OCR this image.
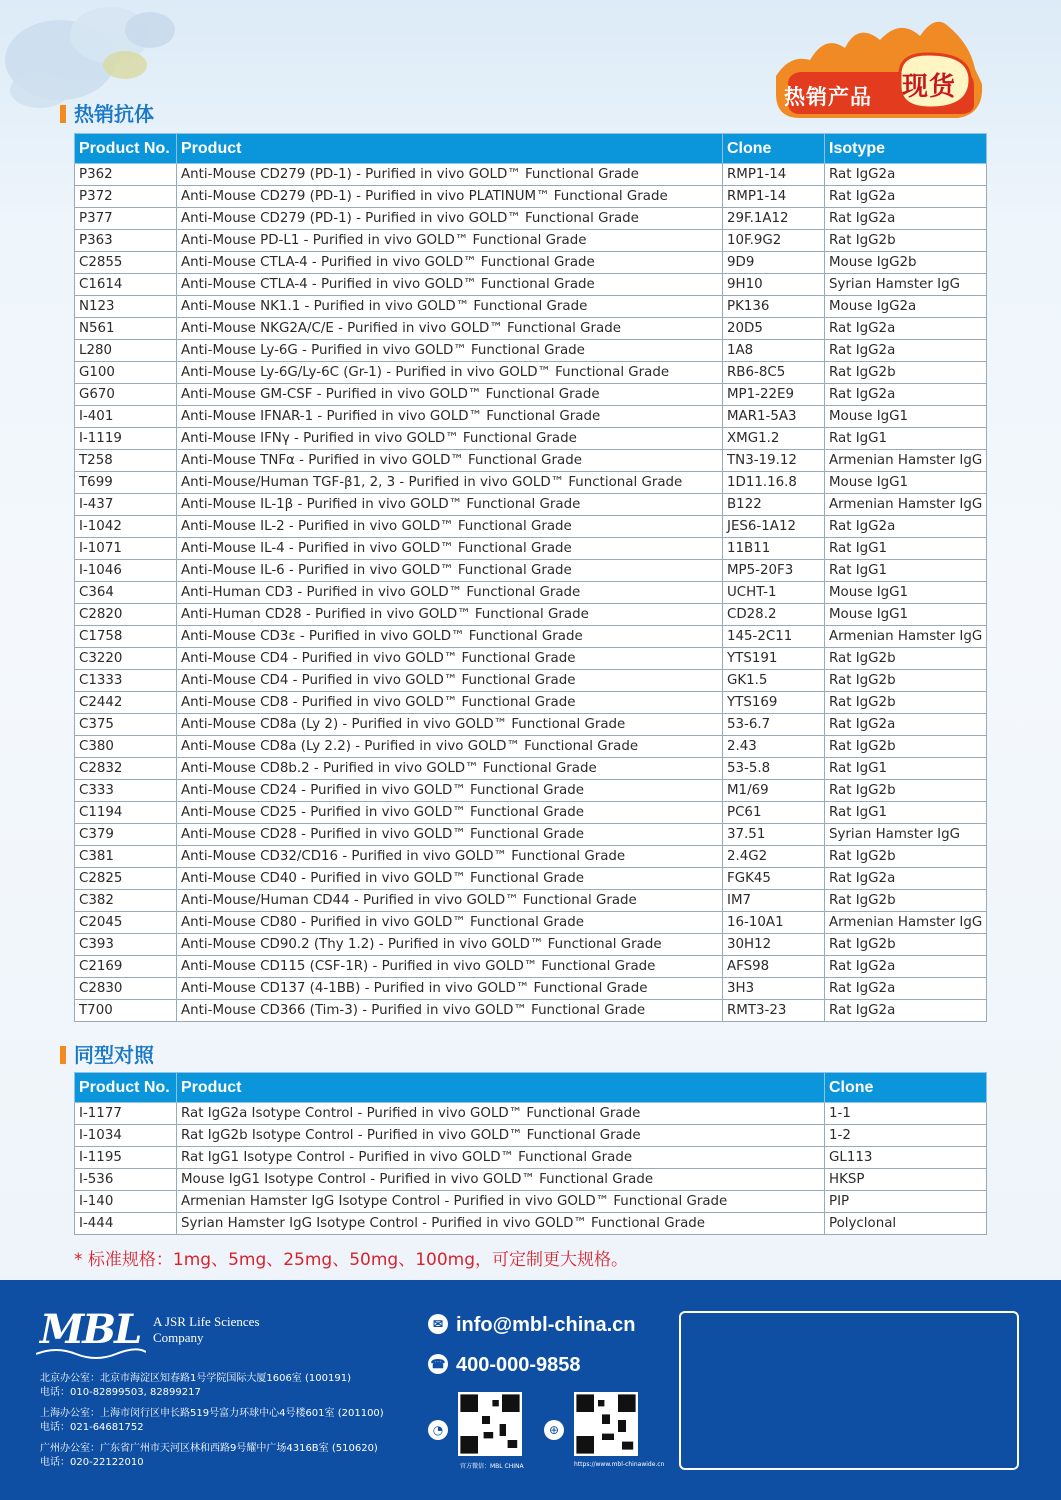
热销产品 现货
热销抗体
Product No.	Product	Clone	Isotype
P362	Anti-Mouse CD279 (PD-1) - Purified in vivo GOLD™ Functional Grade	RMP1-14	Rat IgG2a
P372	Anti-Mouse CD279 (PD-1) - Purified in vivo PLATINUM™ Functional Grade	RMP1-14	Rat IgG2a
P377	Anti-Mouse CD279 (PD-1) - Purified in vivo GOLD™ Functional Grade	29F.1A12	Rat IgG2a
P363	Anti-Mouse PD-L1 - Purified in vivo GOLD™ Functional Grade	10F.9G2	Rat IgG2b
C2855	Anti-Mouse CTLA-4 - Purified in vivo GOLD™ Functional Grade	9D9	Mouse IgG2b
C1614	Anti-Mouse CTLA-4 - Purified in vivo GOLD™ Functional Grade	9H10	Syrian Hamster IgG
N123	Anti-Mouse NK1.1 - Purified in vivo GOLD™ Functional Grade	PK136	Mouse IgG2a
N561	Anti-Mouse NKG2A/C/E - Purified in vivo GOLD™ Functional Grade	20D5	Rat IgG2a
L280	Anti-Mouse Ly-6G - Purified in vivo GOLD™ Functional Grade	1A8	Rat IgG2a
G100	Anti-Mouse Ly-6G/Ly-6C (Gr-1) - Purified in vivo GOLD™ Functional Grade	RB6-8C5	Rat IgG2b
G670	Anti-Mouse GM-CSF - Purified in vivo GOLD™ Functional Grade	MP1-22E9	Rat IgG2a
I-401	Anti-Mouse IFNAR-1 - Purified in vivo GOLD™ Functional Grade	MAR1-5A3	Mouse IgG1
I-1119	Anti-Mouse IFNγ - Purified in vivo GOLD™ Functional Grade	XMG1.2	Rat IgG1
T258	Anti-Mouse TNFα - Purified in vivo GOLD™ Functional Grade	TN3-19.12	Armenian Hamster IgG
T699	Anti-Mouse/Human TGF-β1, 2, 3 - Purified in vivo GOLD™ Functional Grade	1D11.16.8	Mouse IgG1
I-437	Anti-Mouse IL-1β - Purified in vivo GOLD™ Functional Grade	B122	Armenian Hamster IgG
I-1042	Anti-Mouse IL-2 - Purified in vivo GOLD™ Functional Grade	JES6-1A12	Rat IgG2a
I-1071	Anti-Mouse IL-4 - Purified in vivo GOLD™ Functional Grade	11B11	Rat IgG1
I-1046	Anti-Mouse IL-6 - Purified in vivo GOLD™ Functional Grade	MP5-20F3	Rat IgG1
C364	Anti-Human CD3 - Purified in vivo GOLD™ Functional Grade	UCHT-1	Mouse IgG1
C2820	Anti-Human CD28 - Purified in vivo GOLD™ Functional Grade	CD28.2	Mouse IgG1
C1758	Anti-Mouse CD3ε - Purified in vivo GOLD™ Functional Grade	145-2C11	Armenian Hamster IgG
C3220	Anti-Mouse CD4 - Purified in vivo GOLD™ Functional Grade	YTS191	Rat IgG2b
C1333	Anti-Mouse CD4 - Purified in vivo GOLD™ Functional Grade	GK1.5	Rat IgG2b
C2442	Anti-Mouse CD8 - Purified in vivo GOLD™ Functional Grade	YTS169	Rat IgG2b
C375	Anti-Mouse CD8a (Ly 2) - Purified in vivo GOLD™ Functional Grade	53-6.7	Rat IgG2a
C380	Anti-Mouse CD8a (Ly 2.2) - Purified in vivo GOLD™ Functional Grade	2.43	Rat IgG2b
C2832	Anti-Mouse CD8b.2 - Purified in vivo GOLD™ Functional Grade	53-5.8	Rat IgG1
C333	Anti-Mouse CD24 - Purified in vivo GOLD™ Functional Grade	M1/69	Rat IgG2b
C1194	Anti-Mouse CD25 - Purified in vivo GOLD™ Functional Grade	PC61	Rat IgG1
C379	Anti-Mouse CD28 - Purified in vivo GOLD™ Functional Grade	37.51	Syrian Hamster IgG
C381	Anti-Mouse CD32/CD16 - Purified in vivo GOLD™ Functional Grade	2.4G2	Rat IgG2b
C2825	Anti-Mouse CD40 - Purified in vivo GOLD™ Functional Grade	FGK45	Rat IgG2a
C382	Anti-Mouse/Human CD44 - Purified in vivo GOLD™ Functional Grade	IM7	Rat IgG2b
C2045	Anti-Mouse CD80 - Purified in vivo GOLD™ Functional Grade	16-10A1	Armenian Hamster IgG
C393	Anti-Mouse CD90.2 (Thy 1.2) - Purified in vivo GOLD™ Functional Grade	30H12	Rat IgG2b
C2169	Anti-Mouse CD115 (CSF-1R) - Purified in vivo GOLD™ Functional Grade	AFS98	Rat IgG2a
C2830	Anti-Mouse CD137 (4-1BB) - Purified in vivo GOLD™ Functional Grade	3H3	Rat IgG2a
T700	Anti-Mouse CD366 (Tim-3) - Purified in vivo GOLD™ Functional Grade	RMT3-23	Rat IgG2a
同型对照
Product No.	Product	Clone
I-1177	Rat IgG2a Isotype Control - Purified in vivo GOLD™ Functional Grade	1-1
I-1034	Rat IgG2b Isotype Control - Purified in vivo GOLD™ Functional Grade	1-2
I-1195	Rat IgG1 Isotype Control - Purified in vivo GOLD™ Functional Grade	GL113
I-536	Mouse IgG1 Isotype Control - Purified in vivo GOLD™ Functional Grade	HKSP
I-140	Armenian Hamster IgG Isotype Control - Purified in vivo GOLD™ Functional Grade	PIP
I-444	Syrian Hamster IgG Isotype Control - Purified in vivo GOLD™ Functional Grade	Polyclonal
* 标准规格：1mg、5mg、25mg、50mg、100mg，可定制更大规格。
MBL A JSR Life Sciences Company
北京办公室：北京市海淀区知春路1号学院国际大厦1606室 (100191)
电话：010-82899503, 82899217
上海办公室：上海市闵行区申长路519号富力环球中心4号楼601室 (201100)
电话：021-64681752
广州办公室：广东省广州市天河区林和西路9号耀中广场4316B室 (510620)
电话：020-22122010
✉ info@mbl-china.cn
☎ 400-000-9858
◔
官方微信：MBL CHINA
⊕
https://www.mbl-chinawide.cn
